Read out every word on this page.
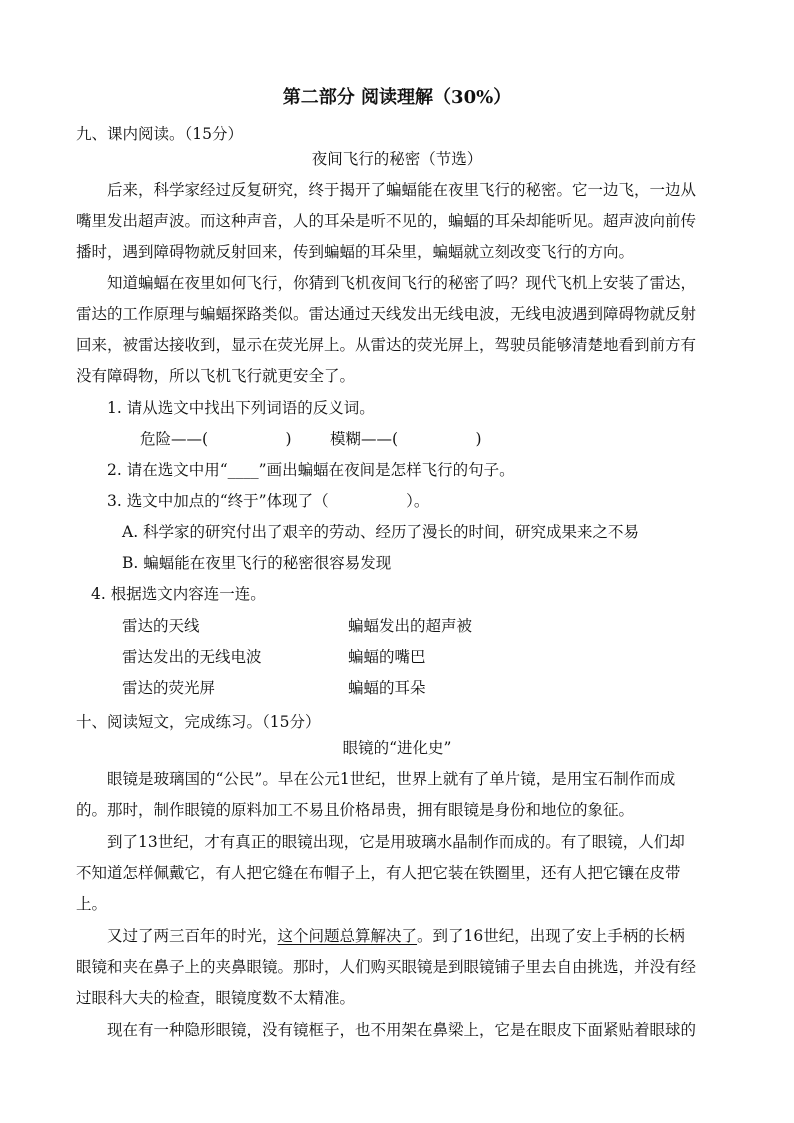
第二部分 阅读理解（30%）
九、课内阅读。（15分）
夜间飞行的秘密（节选）
后来，科学家经过反复研究，终于揭开了蝙蝠能在夜里飞行的秘密。它一边飞，一边从
嘴里发出超声波。而这种声音，人的耳朵是听不见的，蝙蝠的耳朵却能听见。超声波向前传
播时，遇到障碍物就反射回来，传到蝙蝠的耳朵里，蝙蝠就立刻改变飞行的方向。
知道蝙蝠在夜里如何飞行，你猜到飞机夜间飞行的秘密了吗？现代飞机上安装了雷达，
雷达的工作原理与蝙蝠探路类似。雷达通过天线发出无线电波，无线电波遇到障碍物就反射
回来，被雷达接收到，显示在荧光屏上。从雷达的荧光屏上，驾驶员能够清楚地看到前方有
没有障碍物，所以飞机飞行就更安全了。
1. 请从选文中找出下列词语的反义词。
危险——(　　　　　) 模糊——(　　　　　)
2. 请在选文中用“____”画出蝙蝠在夜间是怎样飞行的句子。
3. 选文中加点的“终于”体现了（　　　　　）。
A. 科学家的研究付出了艰辛的劳动、经历了漫长的时间，研究成果来之不易
B. 蝙蝠能在夜里飞行的秘密很容易发现
4. 根据选文内容连一连。
雷达的天线	蝙蝠发出的超声被
雷达发出的无线电波	蝙蝠的嘴巴
雷达的荧光屏	蝙蝠的耳朵
十、阅读短文，完成练习。（15分）
眼镜的“进化史”
眼镜是玻璃国的“公民”。早在公元1世纪，世界上就有了单片镜，是用宝石制作而成
的。那时，制作眼镜的原料加工不易且价格昂贵，拥有眼镜是身份和地位的象征。
到了13世纪，才有真正的眼镜出现，它是用玻璃水晶制作而成的。有了眼镜，人们却
不知道怎样佩戴它，有人把它缝在布帽子上，有人把它装在铁圈里，还有人把它镶在皮带
上。
又过了两三百年的时光，这个问题总算解决了。到了16世纪，出现了安上手柄的长柄
眼镜和夹在鼻子上的夹鼻眼镜。那时，人们购买眼镜是到眼镜铺子里去自由挑选，并没有经
过眼科大夫的检查，眼镜度数不太精准。
现在有一种隐形眼镜，没有镜框子，也不用架在鼻梁上，它是在眼皮下面紧贴着眼球的
